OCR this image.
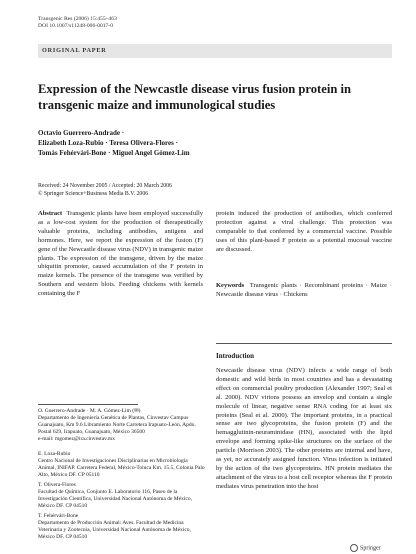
Transgenic Res (2006) 15:455–463
DOI 10.1007/s11248-006-0017-0
ORIGINAL PAPER
Expression of the Newcastle disease virus fusion protein in transgenic maize and immunological studies
Octavio Guerrero-Andrade ·
Elizabeth Loza-Rubio · Teresa Olivera-Flores ·
Tomás Fehérvári-Bone · Miguel Angel Gómez-Lim
Received: 24 November 2005 / Accepted: 20 March 2006
© Springer Science+Business Media B.V. 2006

Abstract Transgenic plants have been employed successfully as a low-cost system for the production of therapeutically valuable proteins, including antibodies, antigens and hormones. Here, we report the expression of the fusion (F) gene of the Newcastle disease virus (NDV) in transgenic maize plants. The expression of the transgene, driven by the maize ubiquitin promoter, caused accumulation of the F protein in maize kernels. The presence of the transgene was verified by Southern and western blots. Feeding chickens with kernels containing the F

protein induced the production of antibodies, which conferred protection against a viral challenge. This protection was comparable to that conferred by a commercial vaccine. Possible uses of this plant-based F protein as a potential mucosal vaccine are discussed.

Keywords Transgenic plants · Recombinant proteins · Maize · Newcastle disease virus · Chickens

Introduction

Newcastle disease virus (NDV) infects a wide range of both domestic and wild birds in most countries and has a devastating effect on commercial poultry production (Alexander 1997; Seal et al. 2000). NDV virions possess an envelop and contain a single molecule of linear, negative sense RNA coding for at least six proteins (Seal et al. 2000). The important proteins, in a practical sense are two glycoproteins, the fusion protein (F) and the hemagglutinin-neuraminidase (HN), associated with the lipid envelope and forming spike-like structures on the surface of the particle (Morrison 2003). The other proteins are internal and have, as yet, no accurately assigned function. Virus infection is initiated by the action of the two glycoproteins. HN protein mediates the attachment of the virus to a host cell receptor whereas the F protein mediates virus penetration into the host

O. Guerrero-Andrade · M. A. Gómez-Lim (✉)
Departamento de Ingeniería Genética de Plantas, Cinvestav Campus Guanajuato, Km 9.6 Libramiento Norte Carretera Irapuato-León, Apdo. Postal 629, Irapuato, Guanajuato, México 36500
e-mail: mgomez@ira.cinvestav.mx
E. Loza-Rubio
Centro Nacional de Investigaciones Disciplinarias en Microbiología Animal, INIFAP. Carretera Federal, México-Toluca Km. 15.5, Colonia Palo Alto, México DF. CP 05110
T. Olivera-Flores
Facultad de Química, Conjunto E. Laboratorio 116, Paseo de la Investigación Científica, Universidad Nacional Autónoma de México, México DF. CP 04510
T. Fehérvári-Bone
Departamento de Producción Animal: Aves. Facultad de Medicina Veterinaria y Zootecnia, Universidad Nacional Autónoma de México, México DF. CP 04510
Springer
